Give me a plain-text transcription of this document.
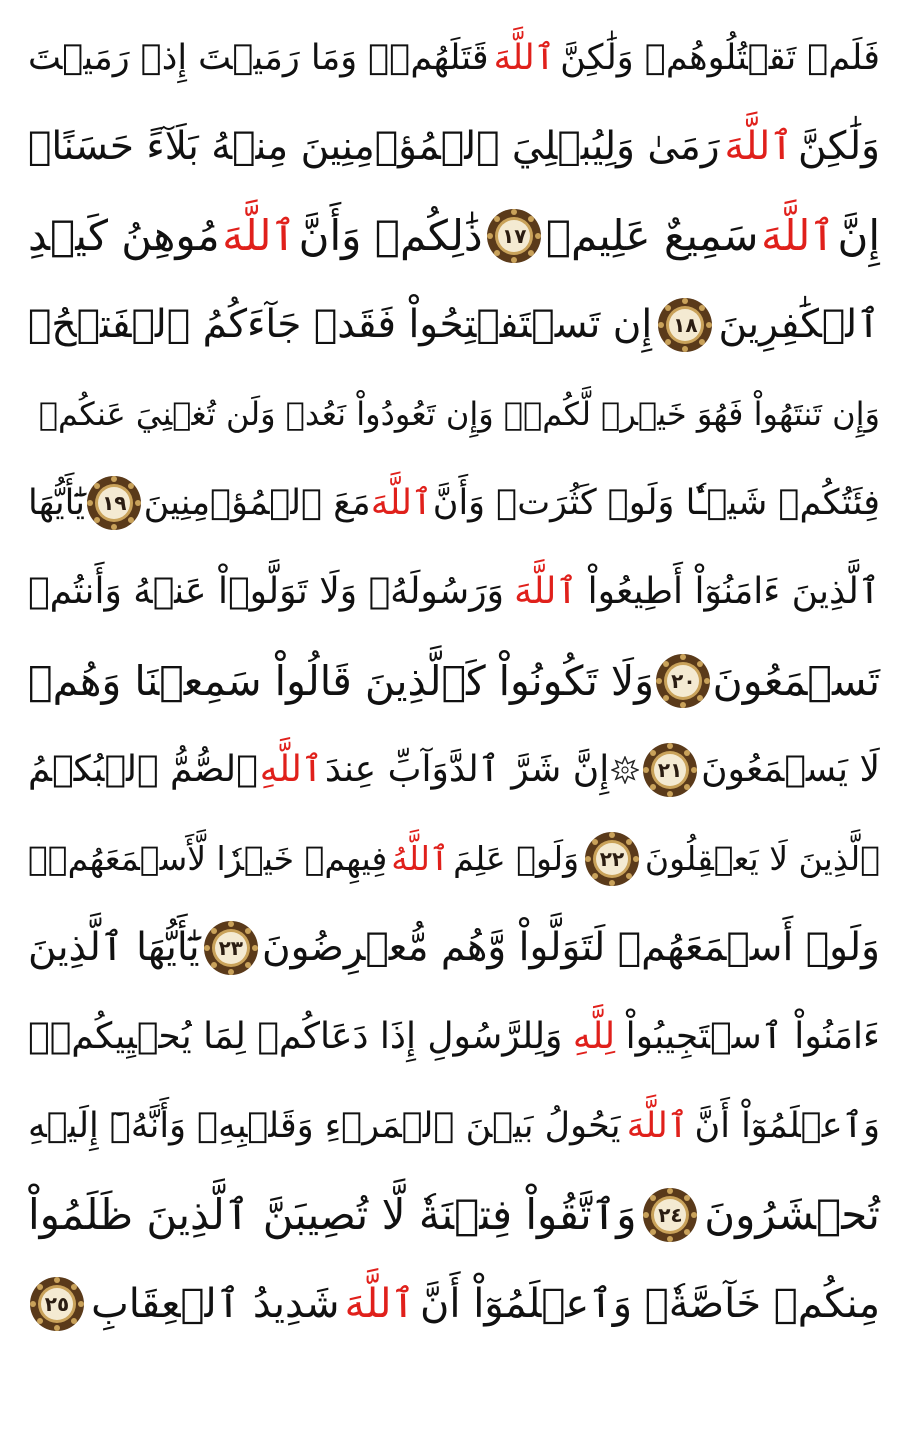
فَلَمۡ تَقۡتُلُوهُمۡ وَلَٰكِنَّ
ٱللَّهَ
قَتَلَهُمۡۚ وَمَا رَمَيۡتَ إِذۡ رَمَيۡتَ
وَلَٰكِنَّ
ٱللَّهَ
رَمَىٰ وَلِيُبۡلِيَ ٱلۡمُؤۡمِنِينَ مِنۡهُ بَلَآءً حَسَنًاۚ
إِنَّ
ٱللَّهَ
سَمِيعٌ عَلِيمٞ
١٧
ذَٰلِكُمۡ وَأَنَّ
ٱللَّهَ
مُوهِنُ كَيۡدِ
ٱلۡكَٰفِرِينَ
١٨
إِن تَسۡتَفۡتِحُواْ فَقَدۡ جَآءَكُمُ ٱلۡفَتۡحُۖ
وَإِن تَنتَهُواْ فَهُوَ خَيۡرٞ لَّكُمۡۖ وَإِن تَعُودُواْ نَعُدۡ وَلَن تُغۡنِيَ عَنكُمۡ
فِئَتُكُمۡ شَيۡـٔٗا وَلَوۡ كَثُرَتۡ وَأَنَّ
ٱللَّهَ
مَعَ ٱلۡمُؤۡمِنِينَ
١٩
يَٰٓأَيُّهَا
ٱلَّذِينَ ءَامَنُوٓاْ أَطِيعُواْ
ٱللَّهَ
وَرَسُولَهُۥ وَلَا تَوَلَّوۡاْ عَنۡهُ وَأَنتُمۡ
تَسۡمَعُونَ
٢٠
وَلَا تَكُونُواْ كَٱلَّذِينَ قَالُواْ سَمِعۡنَا وَهُمۡ
لَا يَسۡمَعُونَ
٢١
إِنَّ شَرَّ ٱلدَّوَآبِّ عِندَ
ٱللَّهِ
ٱلصُّمُّ ٱلۡبُكۡمُ
ٱلَّذِينَ لَا يَعۡقِلُونَ
٢٢
وَلَوۡ عَلِمَ
ٱللَّهُ
فِيهِمۡ خَيۡرٗا لَّأَسۡمَعَهُمۡۖ
وَلَوۡ أَسۡمَعَهُمۡ لَتَوَلَّواْ وَّهُم مُّعۡرِضُونَ
٢٣
يَٰٓأَيُّهَا ٱلَّذِينَ
ءَامَنُواْ ٱسۡتَجِيبُواْ
لِلَّهِ
وَلِلرَّسُولِ إِذَا دَعَاكُمۡ لِمَا يُحۡيِيكُمۡۖ
وَٱعۡلَمُوٓاْ أَنَّ
ٱللَّهَ
يَحُولُ بَيۡنَ ٱلۡمَرۡءِ وَقَلۡبِهِۦ وَأَنَّهُۥٓ إِلَيۡهِ
تُحۡشَرُونَ
٢٤
وَٱتَّقُواْ فِتۡنَةٗ لَّا تُصِيبَنَّ ٱلَّذِينَ ظَلَمُواْ
مِنكُمۡ خَآصَّةٗۖ وَٱعۡلَمُوٓاْ أَنَّ
ٱللَّهَ
شَدِيدُ ٱلۡعِقَابِ
٢٥
